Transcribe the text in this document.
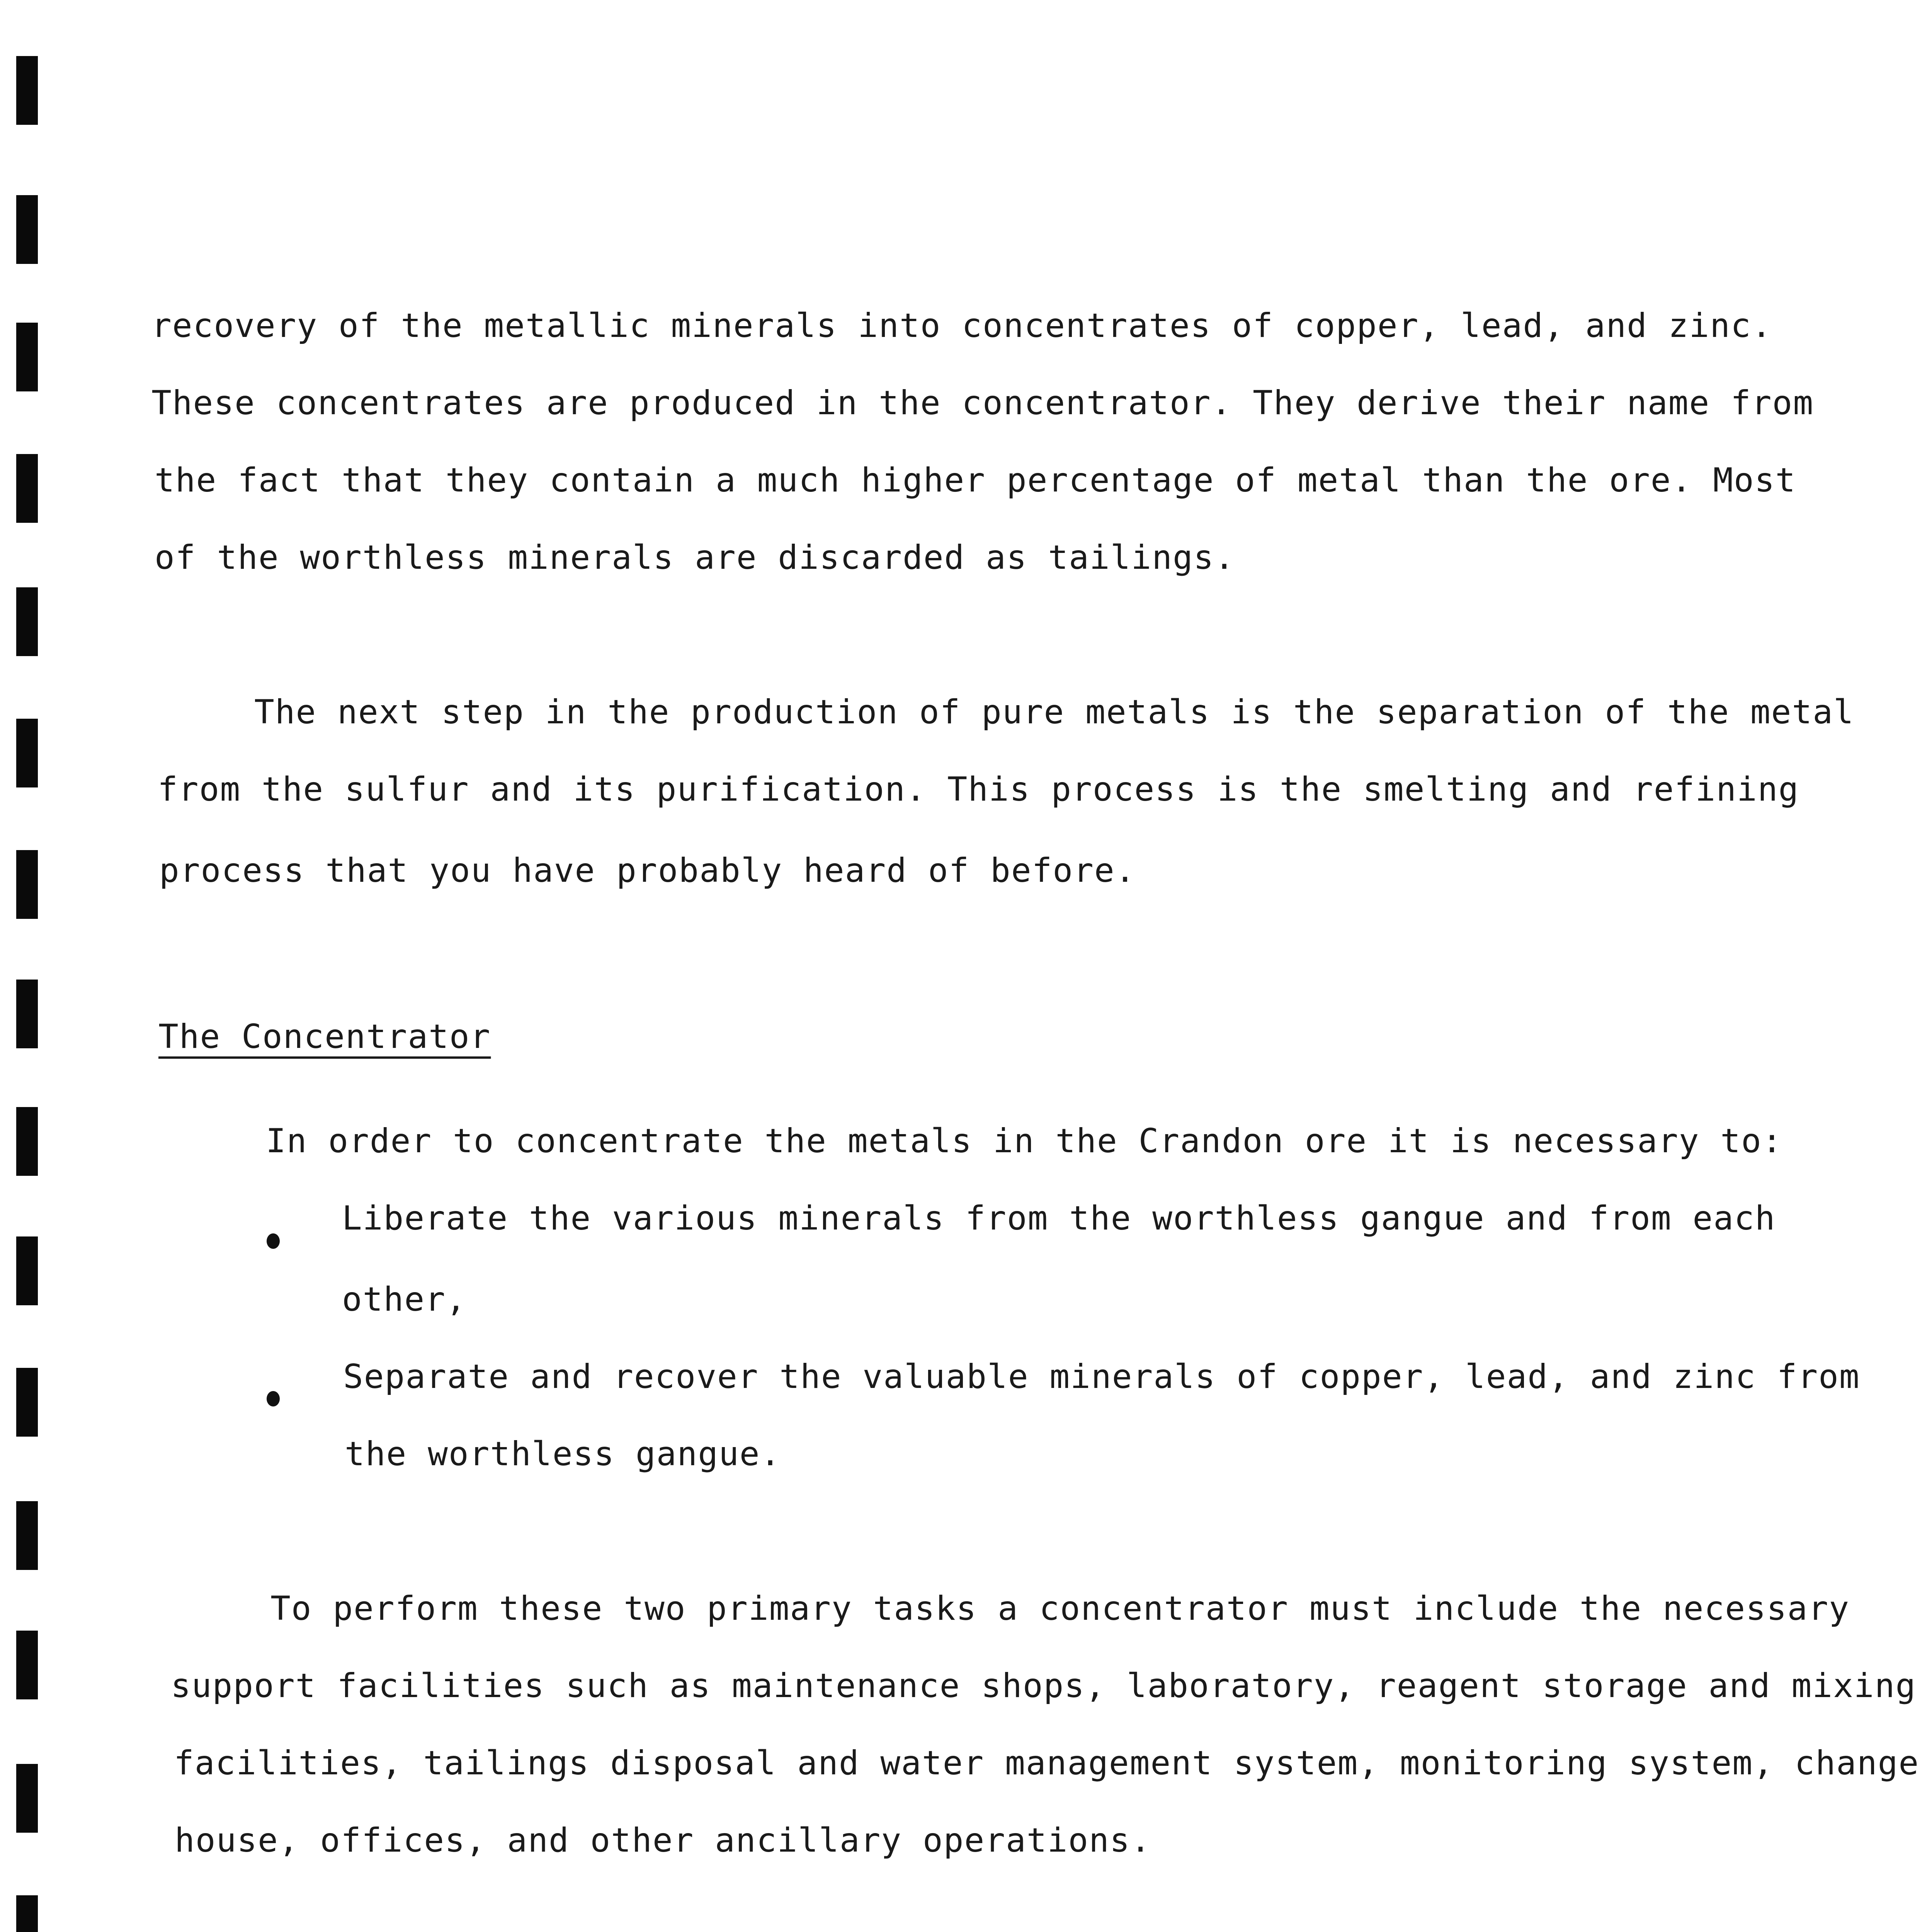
recovery of the metallic minerals into concentrates of copper, lead, and zinc.
These concentrates are produced in the concentrator. They derive their name from
the fact that they contain a much higher percentage of metal than the ore. Most
of the worthless minerals are discarded as tailings.
The next step in the production of pure metals is the separation of the metal
from the sulfur and its purification. This process is the smelting and refining
process that you have probably heard of before.
The Concentrator
In order to concentrate the metals in the Crandon ore it is necessary to:
Liberate the various minerals from the worthless gangue and from each
other,
Separate and recover the valuable minerals of copper, lead, and zinc from
the worthless gangue.
To perform these two primary tasks a concentrator must include the necessary
support facilities such as maintenance shops, laboratory, reagent storage and mixing
facilities, tailings disposal and water management system, monitoring system, change
house, offices, and other ancillary operations.
